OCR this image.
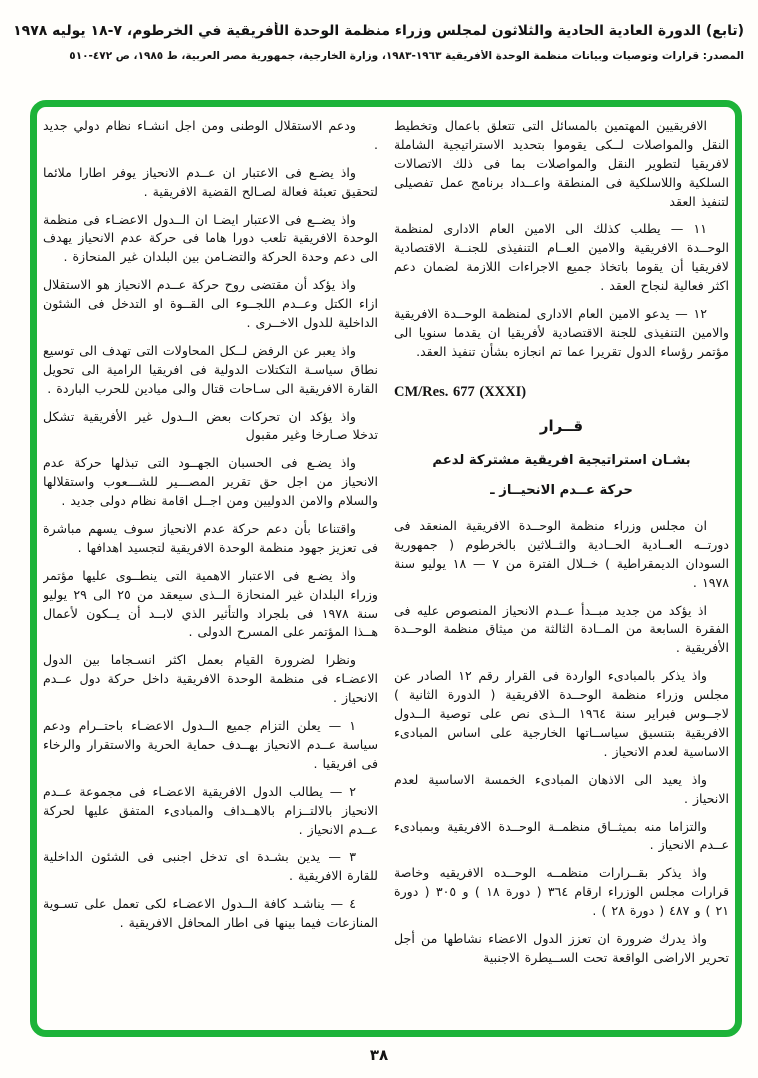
(تابع) الدورة العادية الحادية والثلاثون لمجلس وزراء منظمة الوحدة الأفريقية في الخرطوم، ٧-١٨ يوليه ١٩٧٨
المصدر: قرارات وتوصيات وبيانات منظمة الوحدة الأفريقية ١٩٦٣-١٩٨٣، وزارة الخارجية، جمهورية مصر العربية، ط ١٩٨٥، ص ٤٧٢-٥١٠

الافريقيين المهتمين بالمسائل التى تتعلق باعمال وتخطيط النقل والمواصلات لــكى يقوموا بتحديد الاستراتيجية الشاملة لافريقيا لتطوير النقل والمواصلات بما فى ذلك الاتصالات السلكية واللاسلكية فى المنطقة واعــداد برنامج عمل تفصيلى لتنفيذ العقد

١١ — يطلب كذلك الى الامين العام الادارى لمنظمة الوحــدة الافريقية والامين العــام التنفيذى للجنــة الاقتصادية لافريقيا أن يقوما باتخاذ جميع الاجراءات اللازمة لضمان دعم اكثر فعالية لنجاح العقد .

١٢ — يدعو الامين العام الادارى لمنظمة الوحــدة الافريقية والامين التنفيذى للجنة الاقتصادية لأفريقيا ان يقدما سنويا الى مؤتمر رؤساء الدول تقريرا عما تم انجازه بشأن تنفيذ العقد.

CM/Res. 677 (XXXI)
قــرار
بشـان استراتيجية افريقية مشتركة لدعم
حركة عــدم الانحيــاز ـ

ان مجلس وزراء منظمة الوحــدة الافريقية المنعقد فى دورتــه العــادية الحــادية والثــلاثين بالخرطوم ( جمهورية السودان الديمقراطية ) خــلال الفترة من ٧ — ١٨ يوليو سنة ١٩٧٨ .

اذ يؤكد من جديد مبــدأ عــدم الانحياز المنصوص عليه فى الفقرة السابعة من المــادة الثالثة من ميثاق منظمة الوحــدة الأفريقية .

واذ يذكر بالمبادىء الواردة فى القرار رقم ١٢ الصادر عن مجلس وزراء منظمة الوحــدة الافريقية ( الدورة الثانية ) لاجــوس فبراير سنة ١٩٦٤ الــذى نص على توصية الــدول الافريقية بتنسيق سياســاتها الخارجية على اساس المبادىء الاساسية لعدم الانحياز .

واذ يعيد الى الاذهان المبادىء الخمسة الاساسية لعدم الانحياز .

والتزاما منه بميثــاق منظمــة الوحــدة الافريقية وبمبادىء عــدم الانحياز .

واذ يذكر بقــرارات منظمــه الوحــده الافريقيه وخاصة قرارات مجلس الوزراء ارقام ٣٦٤ ( دورة ١٨ ) و ٣٠٥ ( دورة ٢١ ) و ٤٨٧ ( دورة ٢٨ ) .

واذ يدرك ضرورة ان تعزز الدول الاعضاء نشاطها من أجل تحرير الاراضى الواقعة تحت الســيطرة الاجنبية

ودعم الاستقلال الوطنى ومن اجل انشـاء نظام دولي جديد .

واذ يضـع فى الاعتبار ان عــدم الانحياز يوفر اطارا ملائما لتحقيق تعبئة فعالة لصـالح القضية الافريقية .

واذ يضــع فى الاعتبار ايضـا ان الــدول الاعضـاء فى منظمة الوحدة الافريقية تلعب دورا هاما فى حركة عدم الانحياز يهدف الى دعم وحدة الحركة والتضـامن بين البلدان غير المنحازة .

واذ يؤكد أن مقتضى روح حركة عــدم الانحياز هو الاستقلال ازاء الكتل وعــدم اللجــوء الى القــوة او التدخل فى الشئون الداخلية للدول الاخــرى .

واذ يعبر عن الرفض لــكل المحاولات التى تهدف الى توسيع نطاق سياسـة التكتلات الدولية فى افريقيا الرامية الى تحويل القارة الافريقية الى سـاحات قتال والى ميادين للحرب الباردة .

واذ يؤكد ان تحركات بعض الــدول غير الأفريقية تشكل تدخلا صـارخا وغير مقبول

واذ يضـع فى الحسبان الجهــود التى تبذلها حركة عدم الانحياز من اجل حق تقرير المصـــير للشـــعوب واستقلالها والسلام والامن الدوليين ومن اجــل اقامة نظام دولى جديد .

واقتناعا بأن دعم حركة عدم الانحياز سوف يسهم مباشرة فى تعزيز جهود منظمة الوحدة الافريقية لتجسيد اهدافها .

واذ يضـع فى الاعتبار الاهمية التى ينطــوى عليها مؤتمر وزراء البلدان غير المنحازة الــذى سيعقد من ٢٥ الى ٢٩ يوليو سنة ١٩٧٨ فى بلجراد والتأثير الذي لابــد أن يــكون لأعمال هــذا المؤتمر على المسرح الدولى .

ونظرا لضرورة القيام بعمل اكثر انسـجاما بين الدول الاعضـاء فى منظمة الوحدة الافريقية داخل حركة دول عــدم الانحياز .

١ — يعلن التزام جميع الــدول الاعضـاء باحتــرام ودعم سياسة عــدم الانحياز بهــدف حماية الحرية والاستقرار والرخاء فى افريقيا .

٢ — يطالب الدول الافريقية الاعضـاء فى مجموعة عــدم الانحياز بالالتــزام بالاهــداف والمبادىء المتفق عليها لحركة عــدم الانحياز .

٣ — يدين بشـدة اى تدخل اجنبى فى الشئون الداخلية للقارة الافريقية .

٤ — يناشـد كافة الــدول الاعضـاء لكى تعمل على تسـوية المنازعات فيما بينها فى اطار المحافل الافريقية .

٣٨
